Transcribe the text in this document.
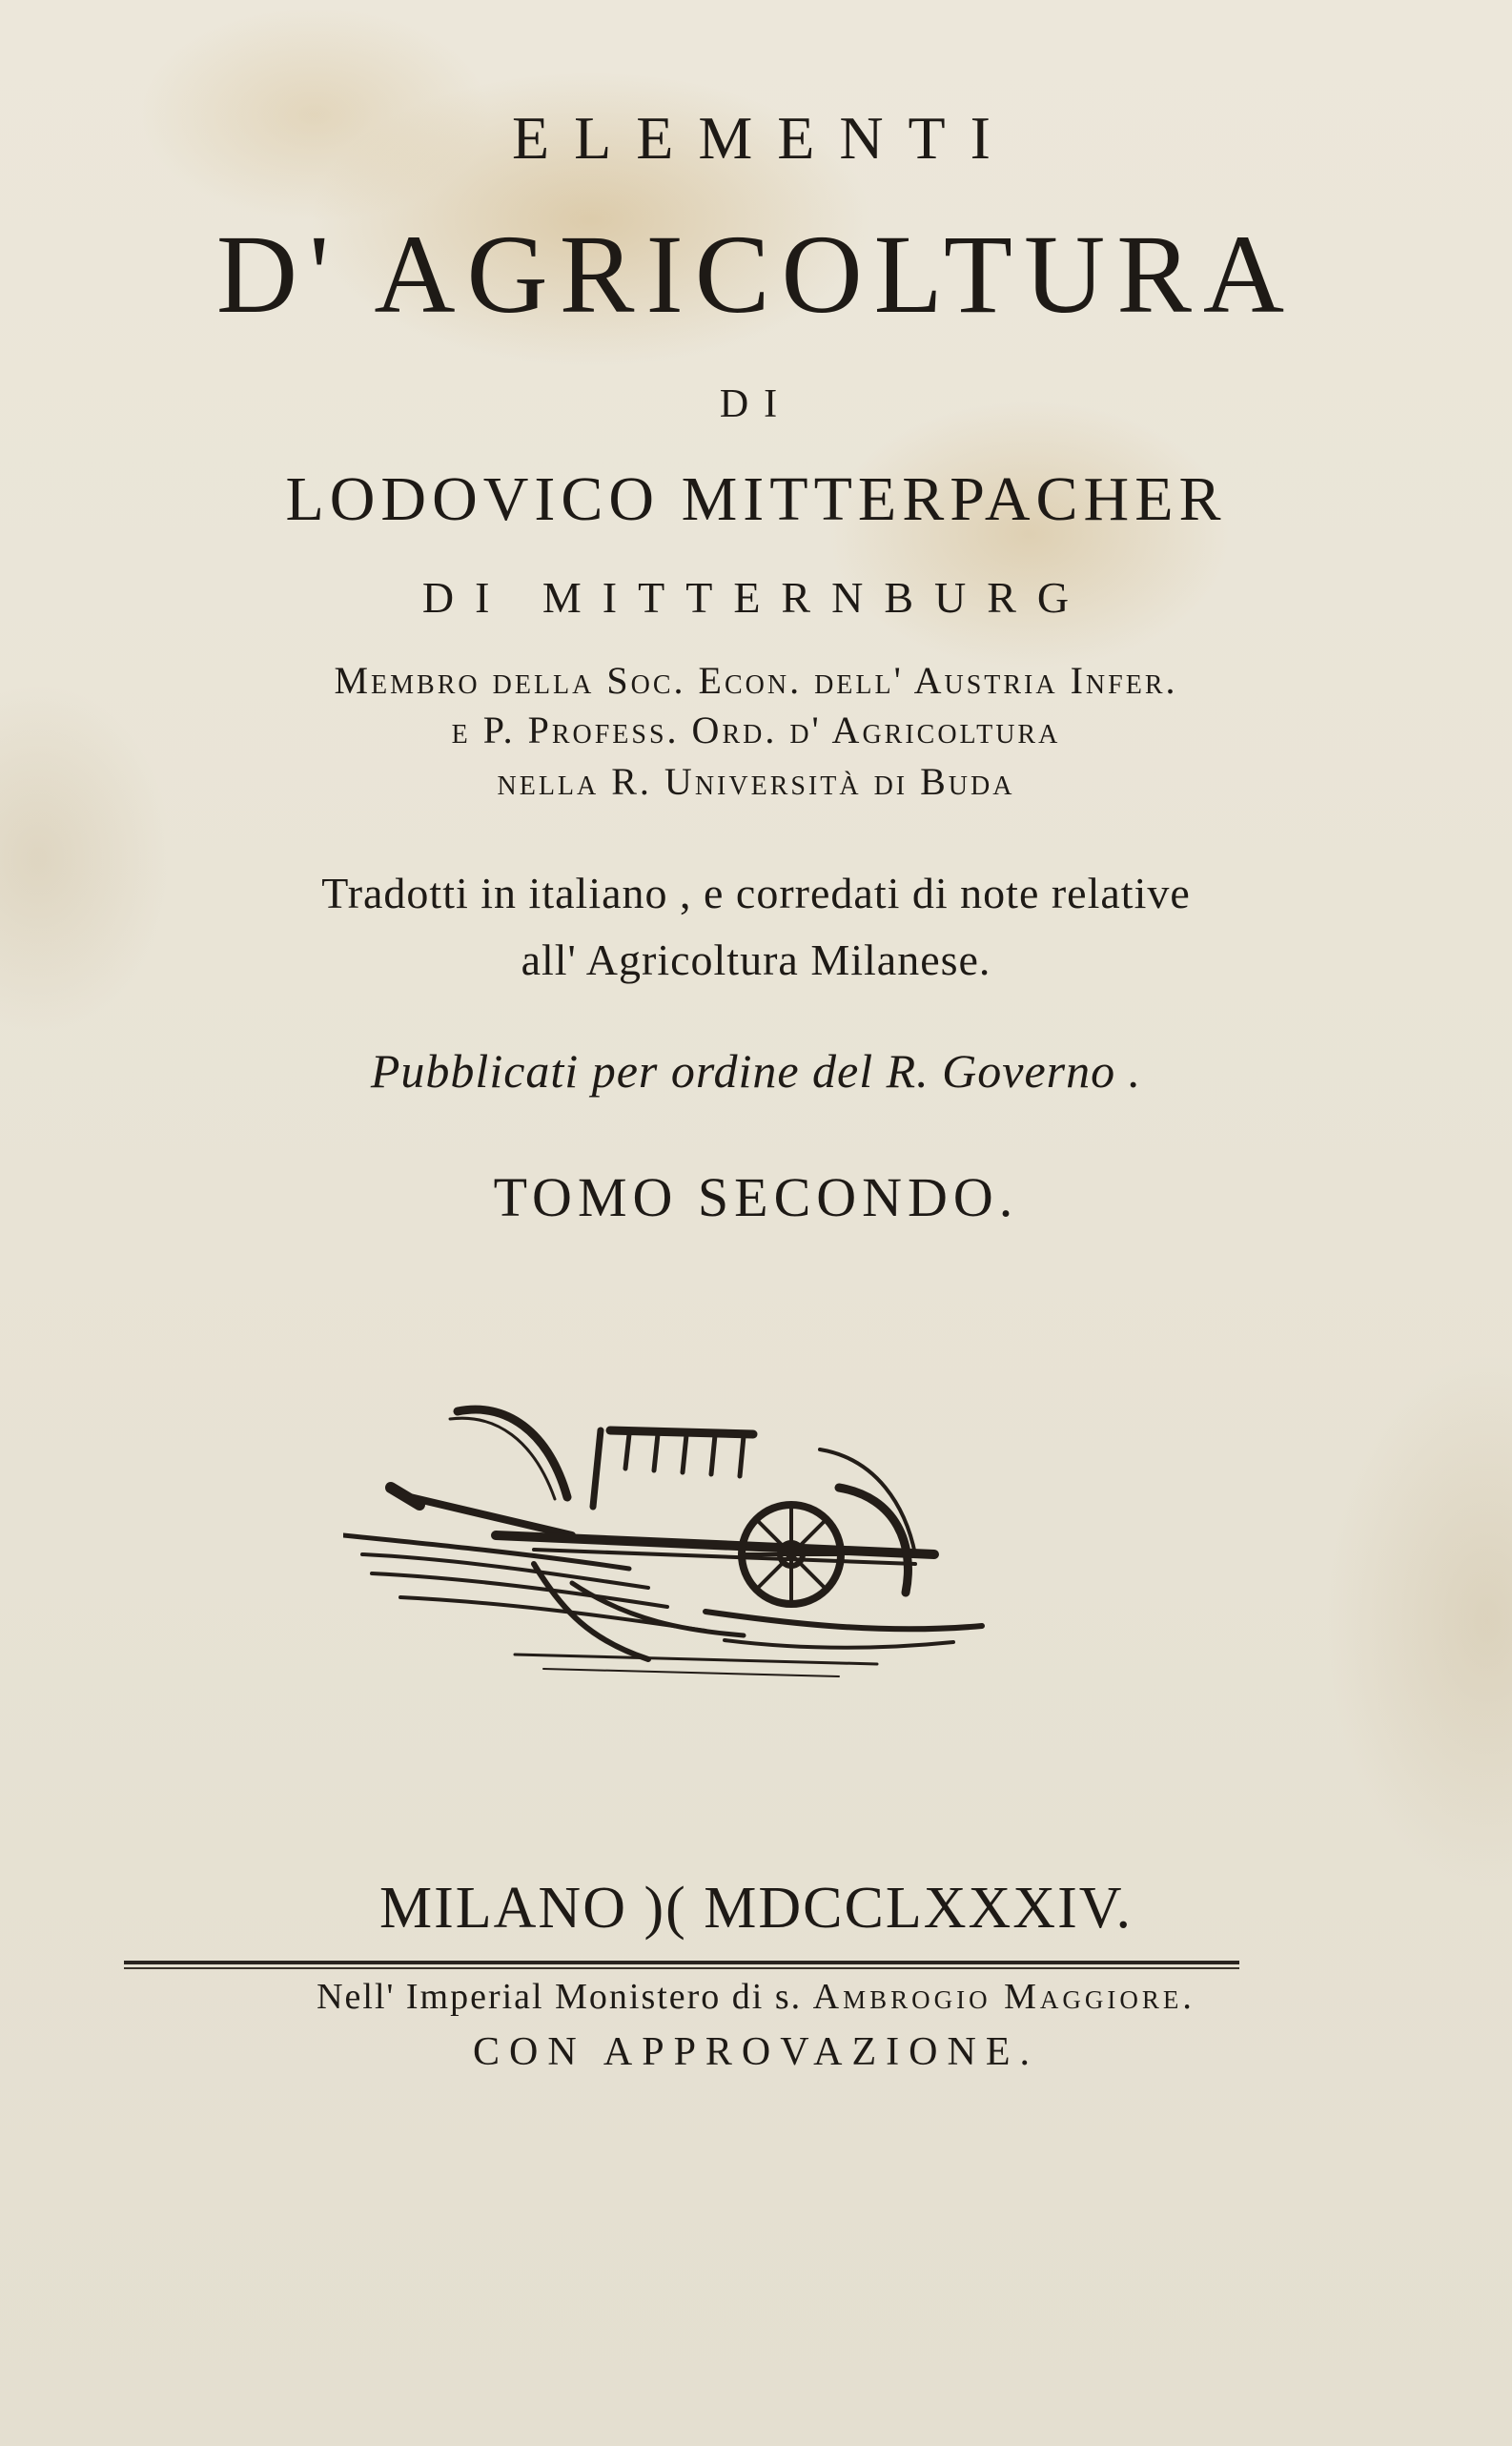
ELEMENTI
D' AGRICOLTURA
DI
LODOVICO MITTERPACHER
DI MITTERNBURG
Membro della Soc. Econ. dell' Austria Infer.
e P. Profess. Ord. d' Agricoltura
nella R. Università di Buda
Tradotti in italiano , e corredati di note relative
all' Agricoltura Milanese.
Pubblicati per ordine del R. Governo .
TOMO SECONDO.
MILANO )( MDCCLXXXIV.
Nell' Imperial Monistero di s. Ambrogio Maggiore.
CON APPROVAZIONE.
